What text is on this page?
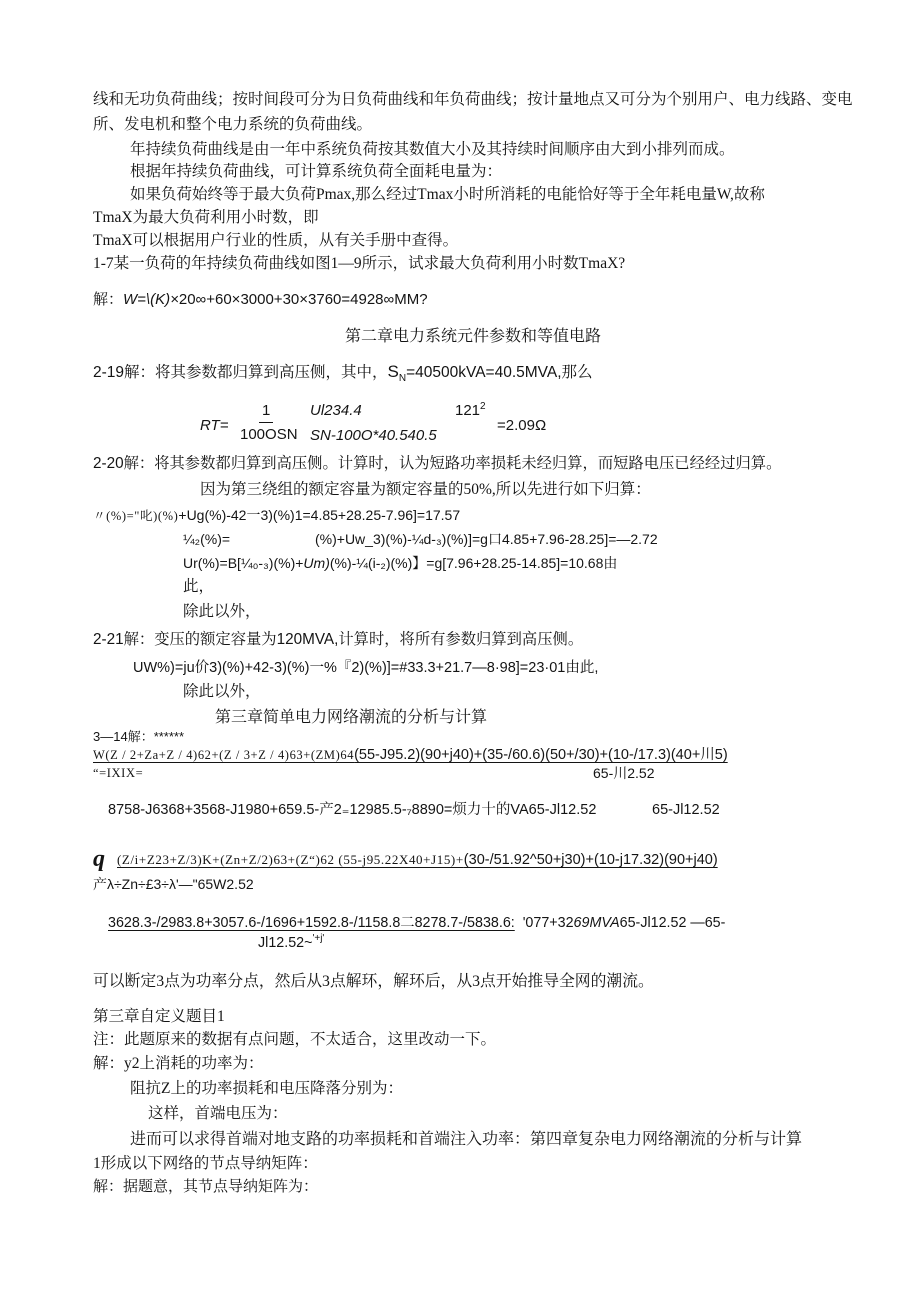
线和无功负荷曲线；按时间段可分为日负荷曲线和年负荷曲线；按计量地点又可分为个别用户、电力线路、变电
所、发电机和整个电力系统的负荷曲线。
年持续负荷曲线是由一年中系统负荷按其数值大小及其持续时间顺序由大到小排列而成。
根据年持续负荷曲线，可计算系统负荷全面耗电量为：
如果负荷始终等于最大负荷Pmax,那么经过Tmax小时所消耗的电能恰好等于全年耗电量W,故称
TmaX为最大负荷利用小时数，即
TmaX可以根据用户行业的性质，从有关手册中查得。
1-7某一负荷的年持续负荷曲线如图1—9所示，试求最大负荷利用小时数TmaX?
解：W=\(K)×20∞+60×3000+30×3760=4928∞MM?
第二章电力系统元件参数和等值电路
2-19解：将其参数都归算到高压侧，其中，$S_N=40500kVA=40.5MVA$,那么
RT=
1
100OSN
Ul234.4
SN-100O*40.540.5
$121^2$
=2.09Ω
2-20解：将其参数都归算到高压侧。计算时，认为短路功率损耗未经归算，而短路电压已经经过归算。
因为第三绕组的额定容量为额定容量的50%,所以先进行如下归算：
〃(%)="叱)(%)+Ug(%)-42一3)(%)1=4.85+28.25-7.96]=17.57
¼₂(%)=	(%)+Uw_3)(%)-¼d-₃)(%)]=g口4.85+7.96-28.25]=—2.72
Ur(%)=B[¼₀-₃)(%)+Um)(%)-¼(i-₂)(%)】=g[7.96+28.25-14.85]=10.68由
此，
除此以外，
2-21解：变压的额定容量为120MVA,计算时，将所有参数归算到高压侧。
UW%)=ju价3)(%)+42-3)(%)一%『2)(%)]=#33.3+21.7—8·98]=23·01由此,
除此以外，
第三章简单电力网络潮流的分析与计算
3—14解：******
W(Z / 2+Za+Z / 4)62+(Z / 3+Z / 4)63+(ZM)64(55-J95.2)(90+j40)+(35-/60.6)(50+/30)+(10-/17.3)(40+川5)
“=IXIX=	65-川2.52
8758-J6368+3568-J1980+659.5-产2₌12985.5-₇8890=烦力十的VA65-Jl12.52	65-Jl12.52
q (Z/i+Z23+Z/3)K+(Zn+Z/2)63+(Z“)62 (55-j95.22X40+J15)+(30-/51.92^50+j30)+(10-j17.32)(90+j40)
产λ÷Zn÷£3÷λ'—"65W2.52
3628.3-/2983.8+3057.6-/1696+1592.8-/1158.8二8278.7-/5838.6: '077+3269MVA65-Jl12.52 —65-
Jl12.52~$^{'+j'}$
可以断定3点为功率分点，然后从3点解环，解环后，从3点开始推导全网的潮流。
第三章自定义题目1
注：此题原来的数据有点问题，不太适合，这里改动一下。
解：y2上消耗的功率为：
阻抗Z上的功率损耗和电压降落分别为：
这样，首端电压为：
进而可以求得首端对地支路的功率损耗和首端注入功率：第四章复杂电力网络潮流的分析与计算
1形成以下网络的节点导纳矩阵：
解：据题意，其节点导纳矩阵为：
